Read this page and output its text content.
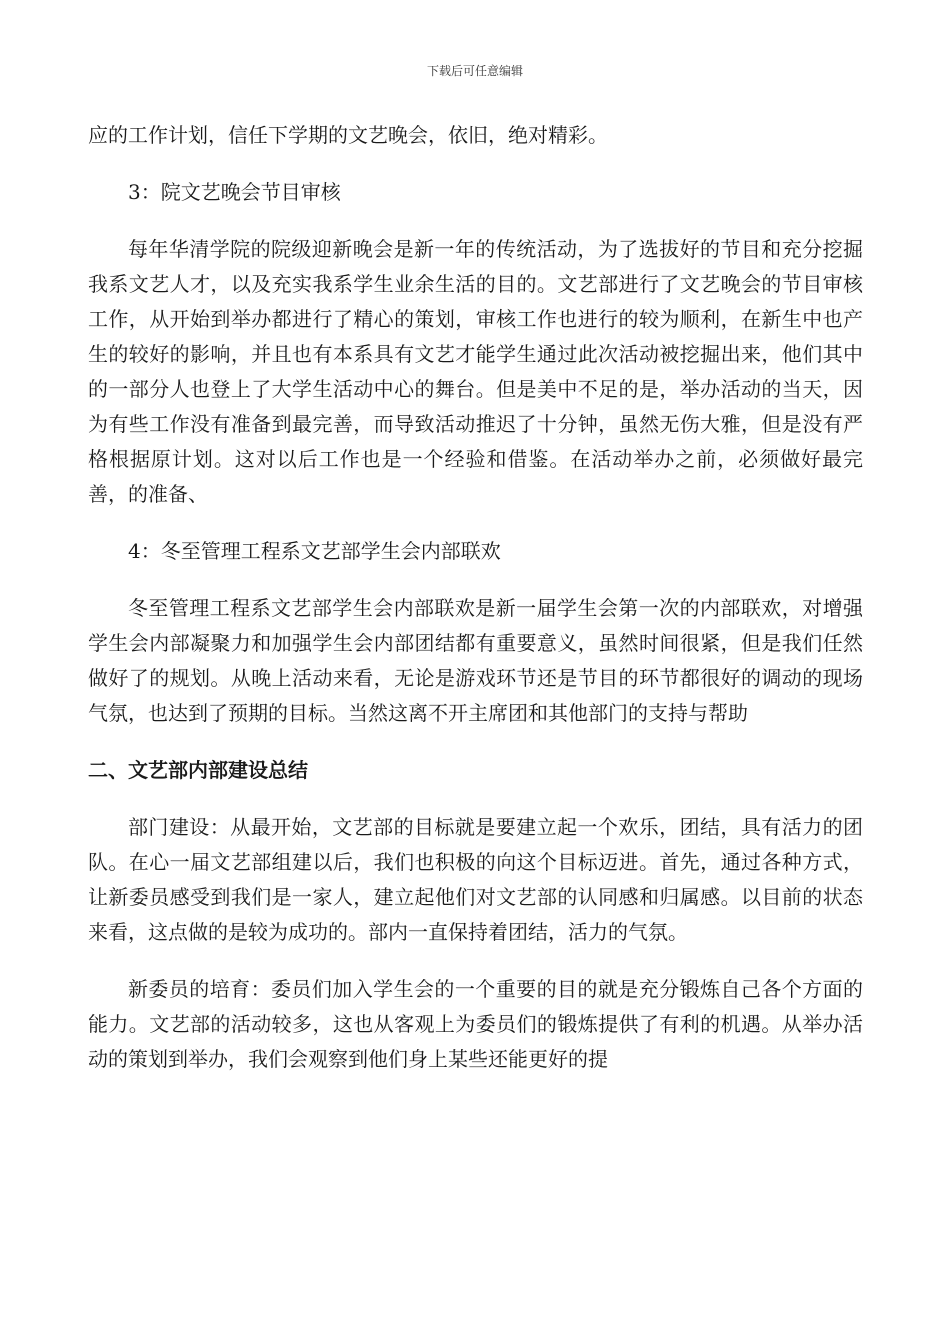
下载后可任意编辑

应的工作计划，信任下学期的文艺晚会，依旧，绝对精彩。

3：院文艺晚会节目审核

每年华清学院的院级迎新晚会是新一年的传统活动，为了选拔好的节目和充分挖掘我系文艺人才，以及充实我系学生业余生活的目的。文艺部进行了文艺晚会的节目审核工作，从开始到举办都进行了精心的策划，审核工作也进行的较为顺利，在新生中也产生的较好的影响，并且也有本系具有文艺才能学生通过此次活动被挖掘出来，他们其中的一部分人也登上了大学生活动中心的舞台。但是美中不足的是，举办活动的当天，因为有些工作没有准备到最完善，而导致活动推迟了十分钟，虽然无伤大雅，但是没有严格根据原计划。这对以后工作也是一个经验和借鉴。在活动举办之前，必须做好最完善，的准备、

4：冬至管理工程系文艺部学生会内部联欢

冬至管理工程系文艺部学生会内部联欢是新一届学生会第一次的内部联欢，对增强学生会内部凝聚力和加强学生会内部团结都有重要意义，虽然时间很紧，但是我们任然做好了的规划。从晚上活动来看，无论是游戏环节还是节目的环节都很好的调动的现场气氛，也达到了预期的目标。当然这离不开主席团和其他部门的支持与帮助

二、文艺部内部建设总结

部门建设：从最开始，文艺部的目标就是要建立起一个欢乐，团结，具有活力的团队。在心一届文艺部组建以后，我们也积极的向这个目标迈进。首先，通过各种方式，让新委员感受到我们是一家人，建立起他们对文艺部的认同感和归属感。以目前的状态来看，这点做的是较为成功的。部内一直保持着团结，活力的气氛。

新委员的培育：委员们加入学生会的一个重要的目的就是充分锻炼自己各个方面的能力。文艺部的活动较多，这也从客观上为委员们的锻炼提供了有利的机遇。从举办活动的策划到举办，我们会观察到他们身上某些还能更好的提
